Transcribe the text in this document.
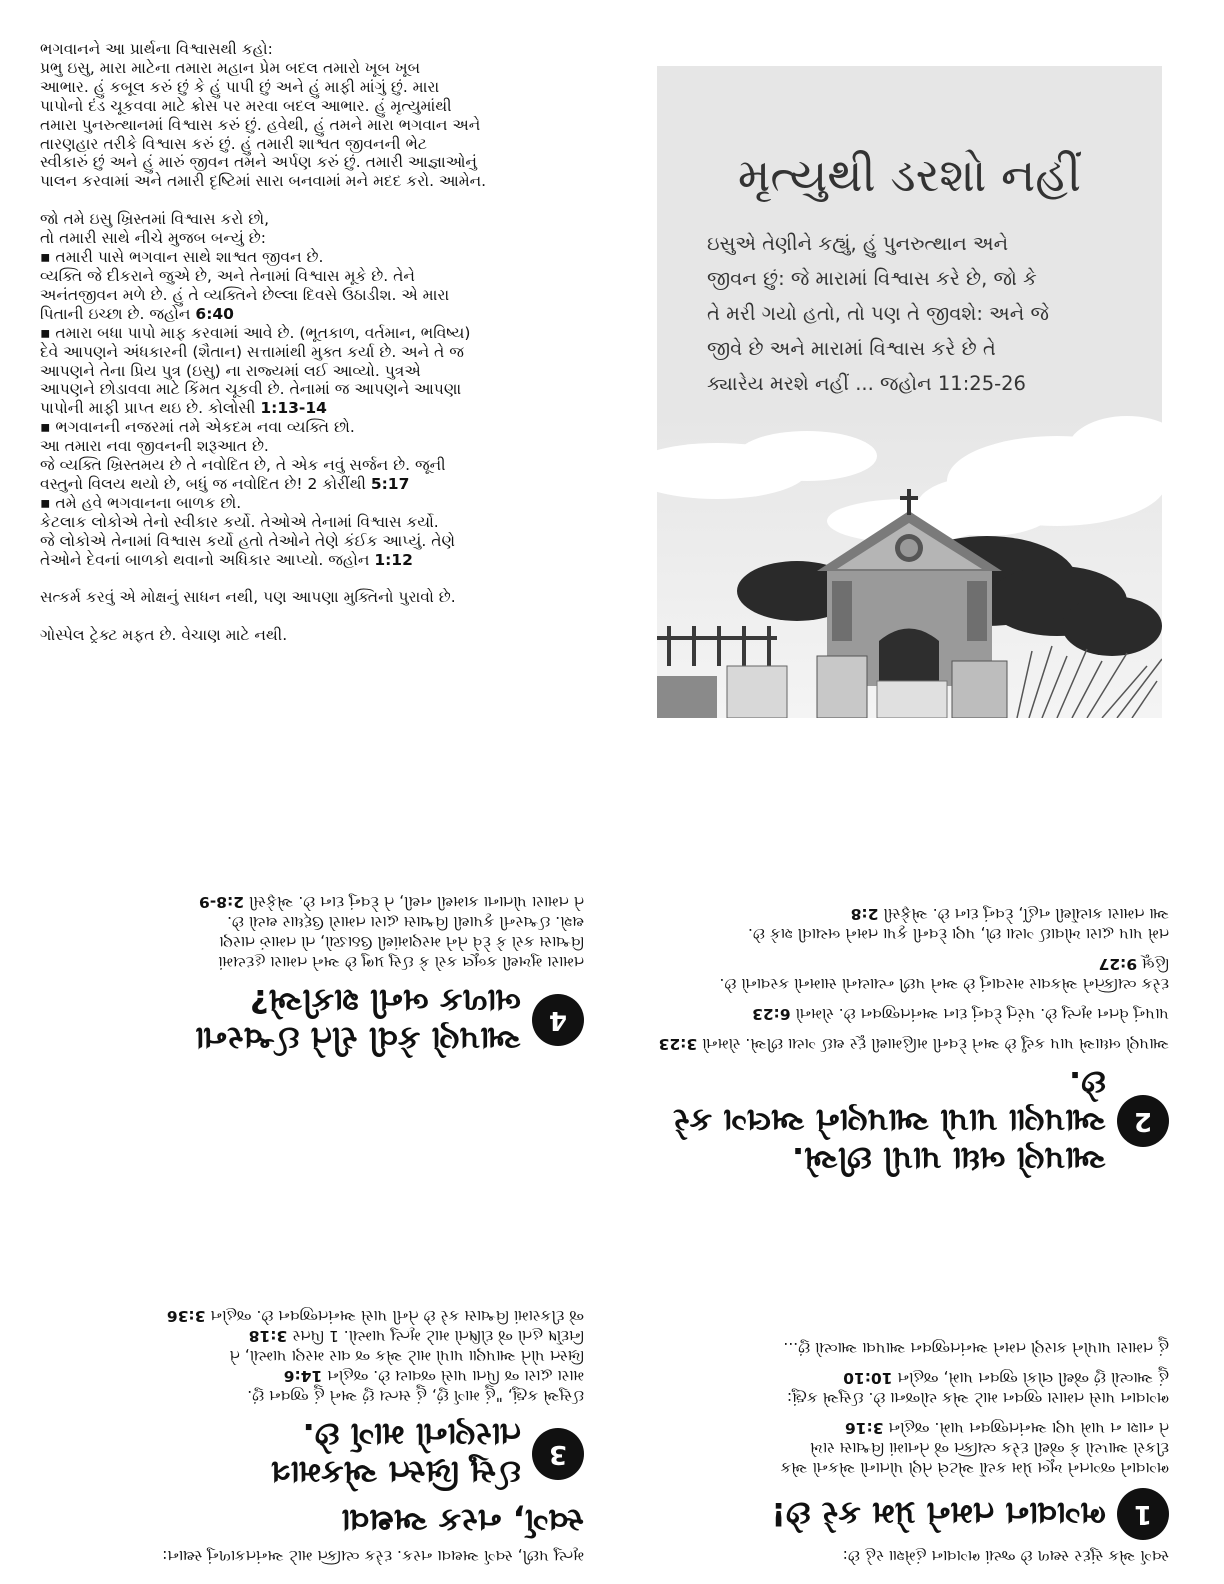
ભગવાનને આ પ્રાર્થના વિશ્વાસથી કહો:

પ્રભુ ઇસુ, મારા માટેના તમારા મહાન પ્રેમ બદલ તમારો ખૂબ ખૂબ

આભાર. હું કબૂલ કરું છું કે હું પાપી છું અને હું માફી માંગું છું. મારા

પાપોનો દંડ ચૂકવવા માટે ક્રોસ પર મરવા બદલ આભાર. હું મૃત્યુમાંથી

તમારા પુનરુત્થાનમાં વિશ્વાસ કરું છું. હવેથી, હું તમને મારા ભગવાન અને

તારણહાર તરીકે વિશ્વાસ કરું છું. હું તમારી શાશ્વત જીવનની ભેટ

સ્વીકારું છું અને હું મારું જીવન તમને અર્પણ કરું છું. તમારી આજ્ઞાઓનું

પાલન કરવામાં અને તમારી દૃષ્ટિમાં સારા બનવામાં મને મદદ કરો. આમેન.

જો તમે ઇસુ ખ્રિસ્તમાં વિશ્વાસ કરો છો,

તો તમારી સાથે નીચે મુજબ બન્યું છે:

▪ તમારી પાસે ભગવાન સાથે શાશ્વત જીવન છે.

વ્યક્તિ જે દીકરાને જુએ છે, અને તેનામાં વિશ્વાસ મૂકે છે. તેને

અનંતજીવન મળે છે. હું તે વ્યક્તિને છેલ્લા દિવસે ઉઠાડીશ. એ મારા

પિતાની ઇચ્છા છે. જહોન 6:40

▪ તમારા બધા પાપો માફ કરવામાં આવે છે. (ભૂતકાળ, વર્તમાન, ભવિષ્ય)

દેવે આપણને અંધકારની (શૈતાન) સત્તામાંથી મુક્ત કર્યા છે. અને તે જ

આપણને તેના પ્રિય પુત્ર (ઇસુ) ના રાજ્યમાં લઈ આવ્યો. પુત્રએ

આપણને છોડાવવા માટે કિંમત ચૂકવી છે. તેનામાં જ આપણને આપણા

પાપોની માફી પ્રાપ્ત થઇ છે. કોલોસી 1:13-14

▪ ભગવાનની નજરમાં તમે એકદમ નવા વ્યક્તિ છો.

આ તમારા નવા જીવનની શરૂઆત છે.

જે વ્યક્તિ ખ્રિસ્તમય છે તે નવોદિત છે, તે એક નવું સર્જન છે. જૂની

વસ્તુનો વિલય થયો છે, બધું જ નવોદિત છે! 2 કોરીંથી 5:17

▪ તમે હવે ભગવાનના બાળક છો.

કેટલાક લોકોએ તેનો સ્વીકાર કર્યો. તેઓએ તેનામાં વિશ્વાસ કર્યો.

જે લોકોએ તેનામાં વિશ્વાસ કર્યો હતો તેઓને તેણે કંઈક આપ્યું. તેણે

તેઓને દેવનાં બાળકો થવાનો અધિકાર આપ્યો. જહોન 1:12

સત્કર્મ કરવું એ મોક્ષનું સાધન નથી, પણ આપણા મુક્તિનો પુરાવો છે.

ગોસ્પેલ ટ્રેક્ટ મફત છે. વેચાણ માટે નથી.

મૃત્યુથી ડરશો નહીં
ઇસુએ તેણીને કહ્યું, હું પુનરુત્થાન અને
જીવન છું: જે મારામાં વિશ્વાસ કરે છે, જો કે
તે મરી ગયો હતો, તો પણ તે જીવશે: અને જે
જીવે છે અને મારામાં વિશ્વાસ કરે છે તે
ક્યારેય મરશે નહીં ... જહોન 11:25-26

સ્વર્ગ એક સુંદર સ્થળ છે જ્યાં ભગવાન હંમેશા રહે છે:

1 ભગવાન તમને પ્રેમ કરે છે!

ભગવાને જગતને ખૂબ પ્રેમ કર્યો એટલે તેણે પોતાનો એકનો એક

દીકરો આપ્યો કે જેથી દરેક વ્યક્તિ જે તેનામાં વિશ્વાસ રાખે

તે નાશ ન પામે પણ અનંતજીવન પામે. જહોન 3:16

ભગવાન પાસે તમારા જીવન માટે એક યોજના છે. ઈસુએ કહ્યું:

હું આવ્યો છું જેથી લોકો જીવન પામે, જહોન 10:10

હું તમારા પાપોને કારણે તમને અનંતજીવન આપવા આવ્યો છું...

2 આપણે બધા પાપી છીએ.
આપણા પાપો આપણને અલગ કરે છે.

આપણે બધાએ પાપ કર્યું છે અને દેવની મહિમાથી દૂર થઈ ગયા છીએ. રોમનો 3:23

પાપનું વેતન મૃત્યુ છે. પરંતુ દેવનું દાન અનંતજીવન છે. રોમનો 6:23

દરેક વ્યક્તિને એકવાર મરવાનું છે અને પછી ન્યાયનો સામનો કરવાનો છે.

હિબ્રૂ 9:27

તમે પાપ દ્વારા ખોવાઈ ગયા છો, પણ દેવની કૃપા તમને બચાવી શકે છે.

આ તમારા કાર્યોથી નહીં, દેવનું દાન છે. એફેસી 2:8

મૃત્યુ પછી, સ્વર્ગ અથવા નરક. દરેક વ્યક્તિ માટે અનંતકાળનું સ્થાન:

સ્વર્ગ, નરક અથવા
3 ઈસુ ખ્રિસ્ત એકમાત્ર
તારણનો માર્ગ છે.

ઈસુએ કહ્યું, "હું માર્ગ છું, હું સત્ય છું અને હું જીવન છું.

મારા દ્વારા જ પિતા પાસે જવાય છે. જહોન 14:6

ખ્રિસ્ત પોતે આપણા પાપો માટે એક જ વાર મરણ પામ્યો, તે

નિર્દોષ હતો જે દોષિતો માટે મૃત્યુ પામ્યો. 1 પિતર 3:18

જે દીકરામાં વિશ્વાસ કરે છે તેની પાસે અનંતજીવન છે. જહોન 3:36

4 આપણે કેવી રીતે ઈશ્વરના
બાળક બની શકીએ?

તમારા મુખથી કબૂલ કરો કે ઈસુ પ્રભુ છે અને તમારા હૃદયમાં

વિશ્વાસ કરો કે દેવે તેને મરણમાંથી ઉઠાડ્યો, તો તમારું તારણ

થશે. ઈશ્વરની કૃપાથી વિશ્વાસ દ્વારા તમારો ઉદ્ધાર થયો છે.

તે તમારા પોતાના કામથી નથી, તે દેવનું દાન છે. એફેસી 2:8-9
